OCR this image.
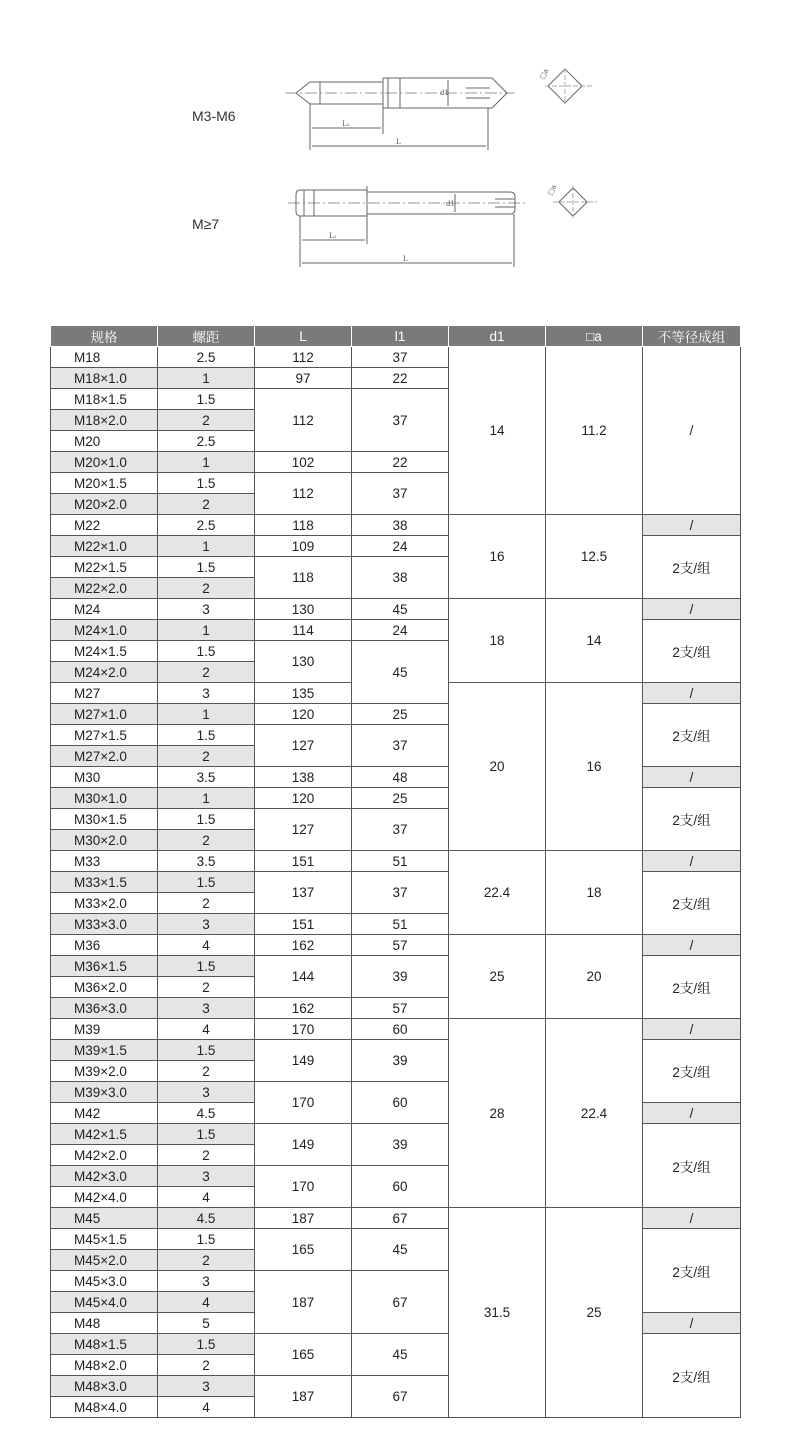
M3-M6
M≥7
L₁
L
d1
□a
L₁
L
d1
□a
规格	螺距	L	l1	d1	□a	不等径成组
M18	2.5	112	37	14	11.2	/
M18×1.0	1	97	22			
M18×1.5	1.5	112	37			
M18×2.0	2					
M20	2.5					
M20×1.0	1	102	22			
M20×1.5	1.5	112	37			
M20×2.0	2					
M22	2.5	118	38	16	12.5	/
M22×1.0	1	109	24			2支/组
M22×1.5	1.5	118	38			
M22×2.0	2					
M24	3	130	45	18	14	/
M24×1.0	1	114	24			2支/组
M24×1.5	1.5	130	45			
M24×2.0	2					
M27	3	135		20	16	/
M27×1.0	1	120	25			2支/组
M27×1.5	1.5	127	37			
M27×2.0	2					
M30	3.5	138	48			/
M30×1.0	1	120	25			2支/组
M30×1.5	1.5	127	37			
M30×2.0	2					
M33	3.5	151	51	22.4	18	/
M33×1.5	1.5	137	37			2支/组
M33×2.0	2					
M33×3.0	3	151	51			
M36	4	162	57	25	20	/
M36×1.5	1.5	144	39			2支/组
M36×2.0	2					
M36×3.0	3	162	57			
M39	4	170	60	28	22.4	/
M39×1.5	1.5	149	39			2支/组
M39×2.0	2					
M39×3.0	3	170	60			
M42	4.5					/
M42×1.5	1.5	149	39			2支/组
M42×2.0	2					
M42×3.0	3	170	60			
M42×4.0	4					
M45	4.5	187	67	31.5	25	/
M45×1.5	1.5	165	45			2支/组
M45×2.0	2					
M45×3.0	3	187	67			
M45×4.0	4					
M48	5					/
M48×1.5	1.5	165	45			2支/组
M48×2.0	2					
M48×3.0	3	187	67			
M48×4.0	4					
